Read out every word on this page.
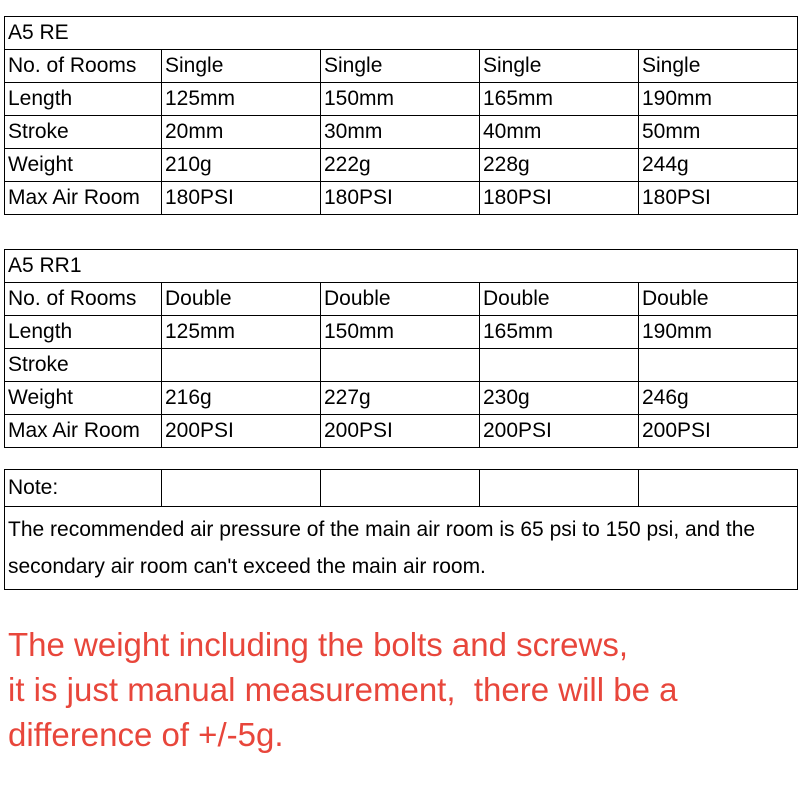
A5 RE				
No. of Rooms	Single	Single	Single	Single
Length	125mm	150mm	165mm	190mm
Stroke	20mm	30mm	40mm	50mm
Weight	210g	222g	228g	244g
Max Air Room	180PSI	180PSI	180PSI	180PSI
A5 RR1				
No. of Rooms	Double	Double	Double	Double
Length	125mm	150mm	165mm	190mm
Stroke				
Weight	216g	227g	230g	246g
Max Air Room	200PSI	200PSI	200PSI	200PSI
Note:				
The recommended air pressure of the main air room is 65 psi to 150 psi, and the secondary air room can't exceed the main air room.
The weight including the bolts and screws,
it is just manual measurement,  there will be a
difference of +/-5g.
